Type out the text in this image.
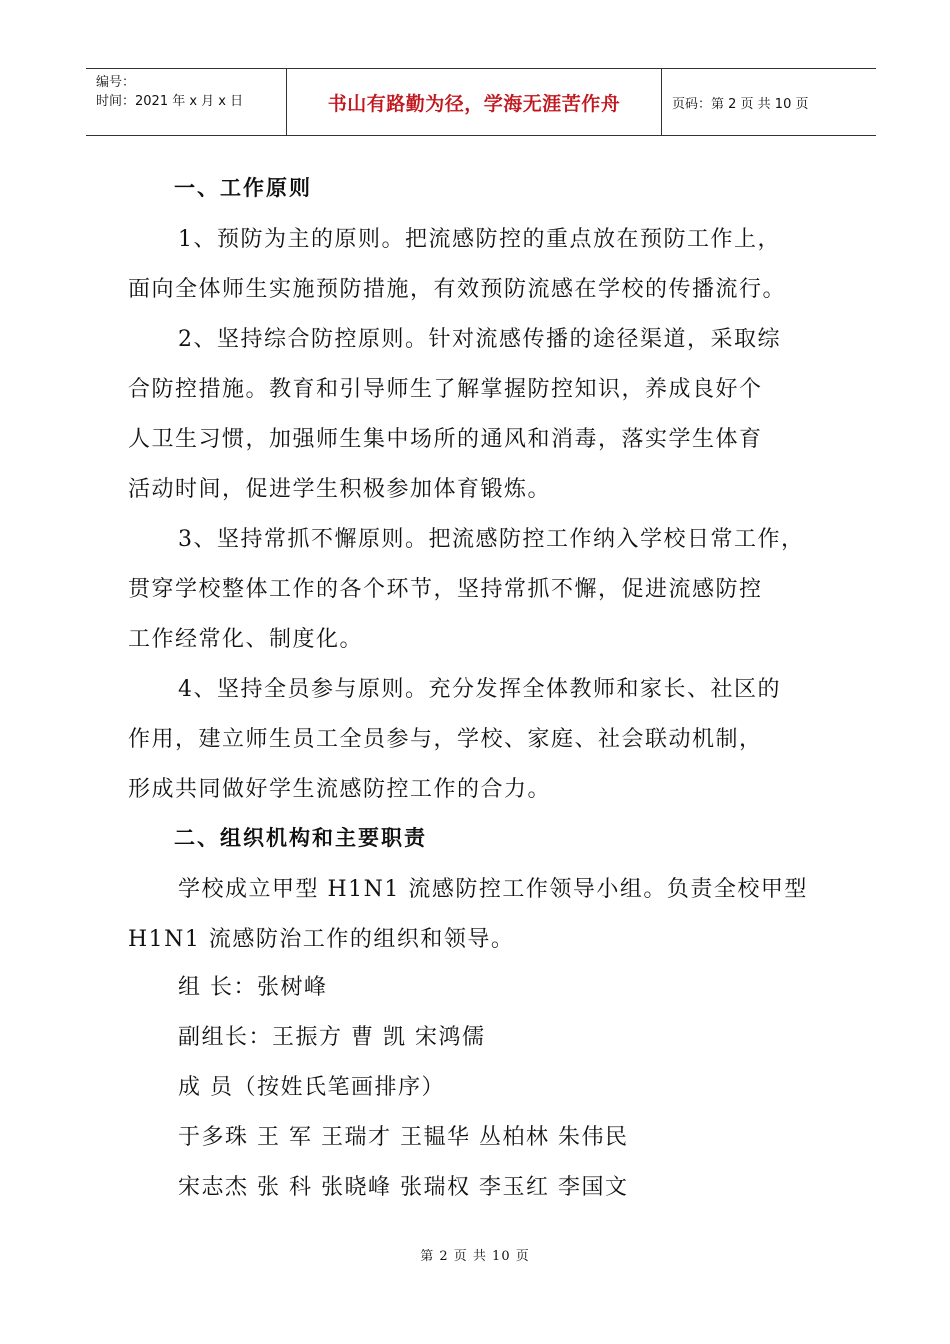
编号：
时间：2021 年 x 月 x 日	书山有路勤为径，学海无涯苦作舟	页码：第 2 页 共 10 页
一、工作原则
1、预防为主的原则。把流感防控的重点放在预防工作上，
面向全体师生实施预防措施，有效预防流感在学校的传播流行。
2、坚持综合防控原则。针对流感传播的途径渠道，采取综
合防控措施。教育和引导师生了解掌握防控知识，养成良好个
人卫生习惯，加强师生集中场所的通风和消毒，落实学生体育
活动时间，促进学生积极参加体育锻炼。
3、坚持常抓不懈原则。把流感防控工作纳入学校日常工作，
贯穿学校整体工作的各个环节，坚持常抓不懈，促进流感防控
工作经常化、制度化。
4、坚持全员参与原则。充分发挥全体教师和家长、社区的
作用，建立师生员工全员参与，学校、家庭、社会联动机制，
形成共同做好学生流感防控工作的合力。
二、组织机构和主要职责
学校成立甲型 H1N1 流感防控工作领导小组。负责全校甲型
H1N1 流感防治工作的组织和领导。
组 长：张树峰
副组长：王振方 曹 凯 宋鸿儒
成 员（按姓氏笔画排序）
于多珠 王 军 王瑞才 王韫华 丛柏林 朱伟民
宋志杰 张 科 张晓峰 张瑞权 李玉红 李国文
第 2 页 共 10 页
